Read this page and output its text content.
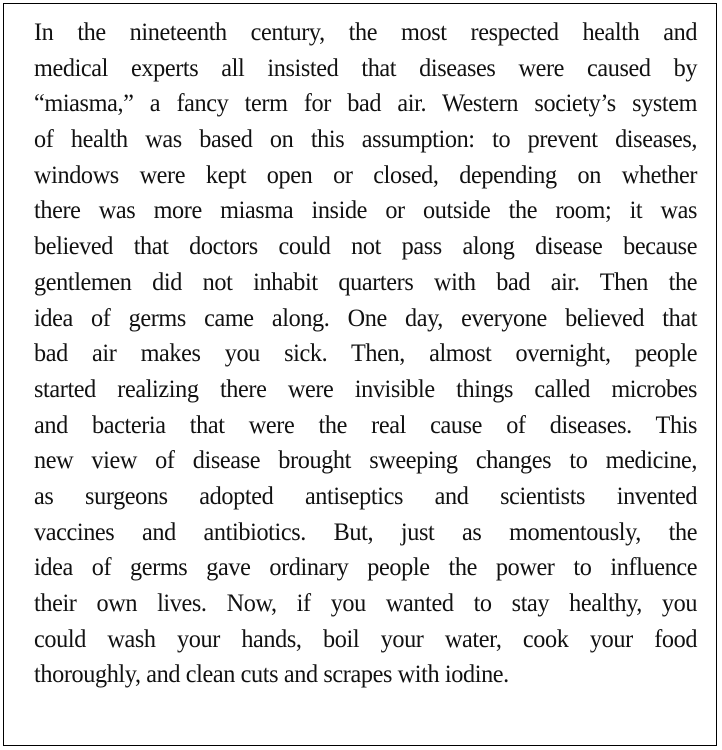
In the nineteenth century, the most respected health and
medical experts all insisted that diseases were caused by
“miasma,” a fancy term for bad air. Western society’s system
of health was based on this assumption: to prevent diseases,
windows were kept open or closed, depending on whether
there was more miasma inside or outside the room; it was
believed that doctors could not pass along disease because
gentlemen did not inhabit quarters with bad air. Then the
idea of germs came along. One day, everyone believed that
bad air makes you sick. Then, almost overnight, people
started realizing there were invisible things called microbes
and bacteria that were the real cause of diseases. This
new view of disease brought sweeping changes to medicine,
as surgeons adopted antiseptics and scientists invented
vaccines and antibiotics. But, just as momentously, the
idea of germs gave ordinary people the power to influence
their own lives. Now, if you wanted to stay healthy, you
could wash your hands, boil your water, cook your food
thoroughly, and clean cuts and scrapes with iodine.
